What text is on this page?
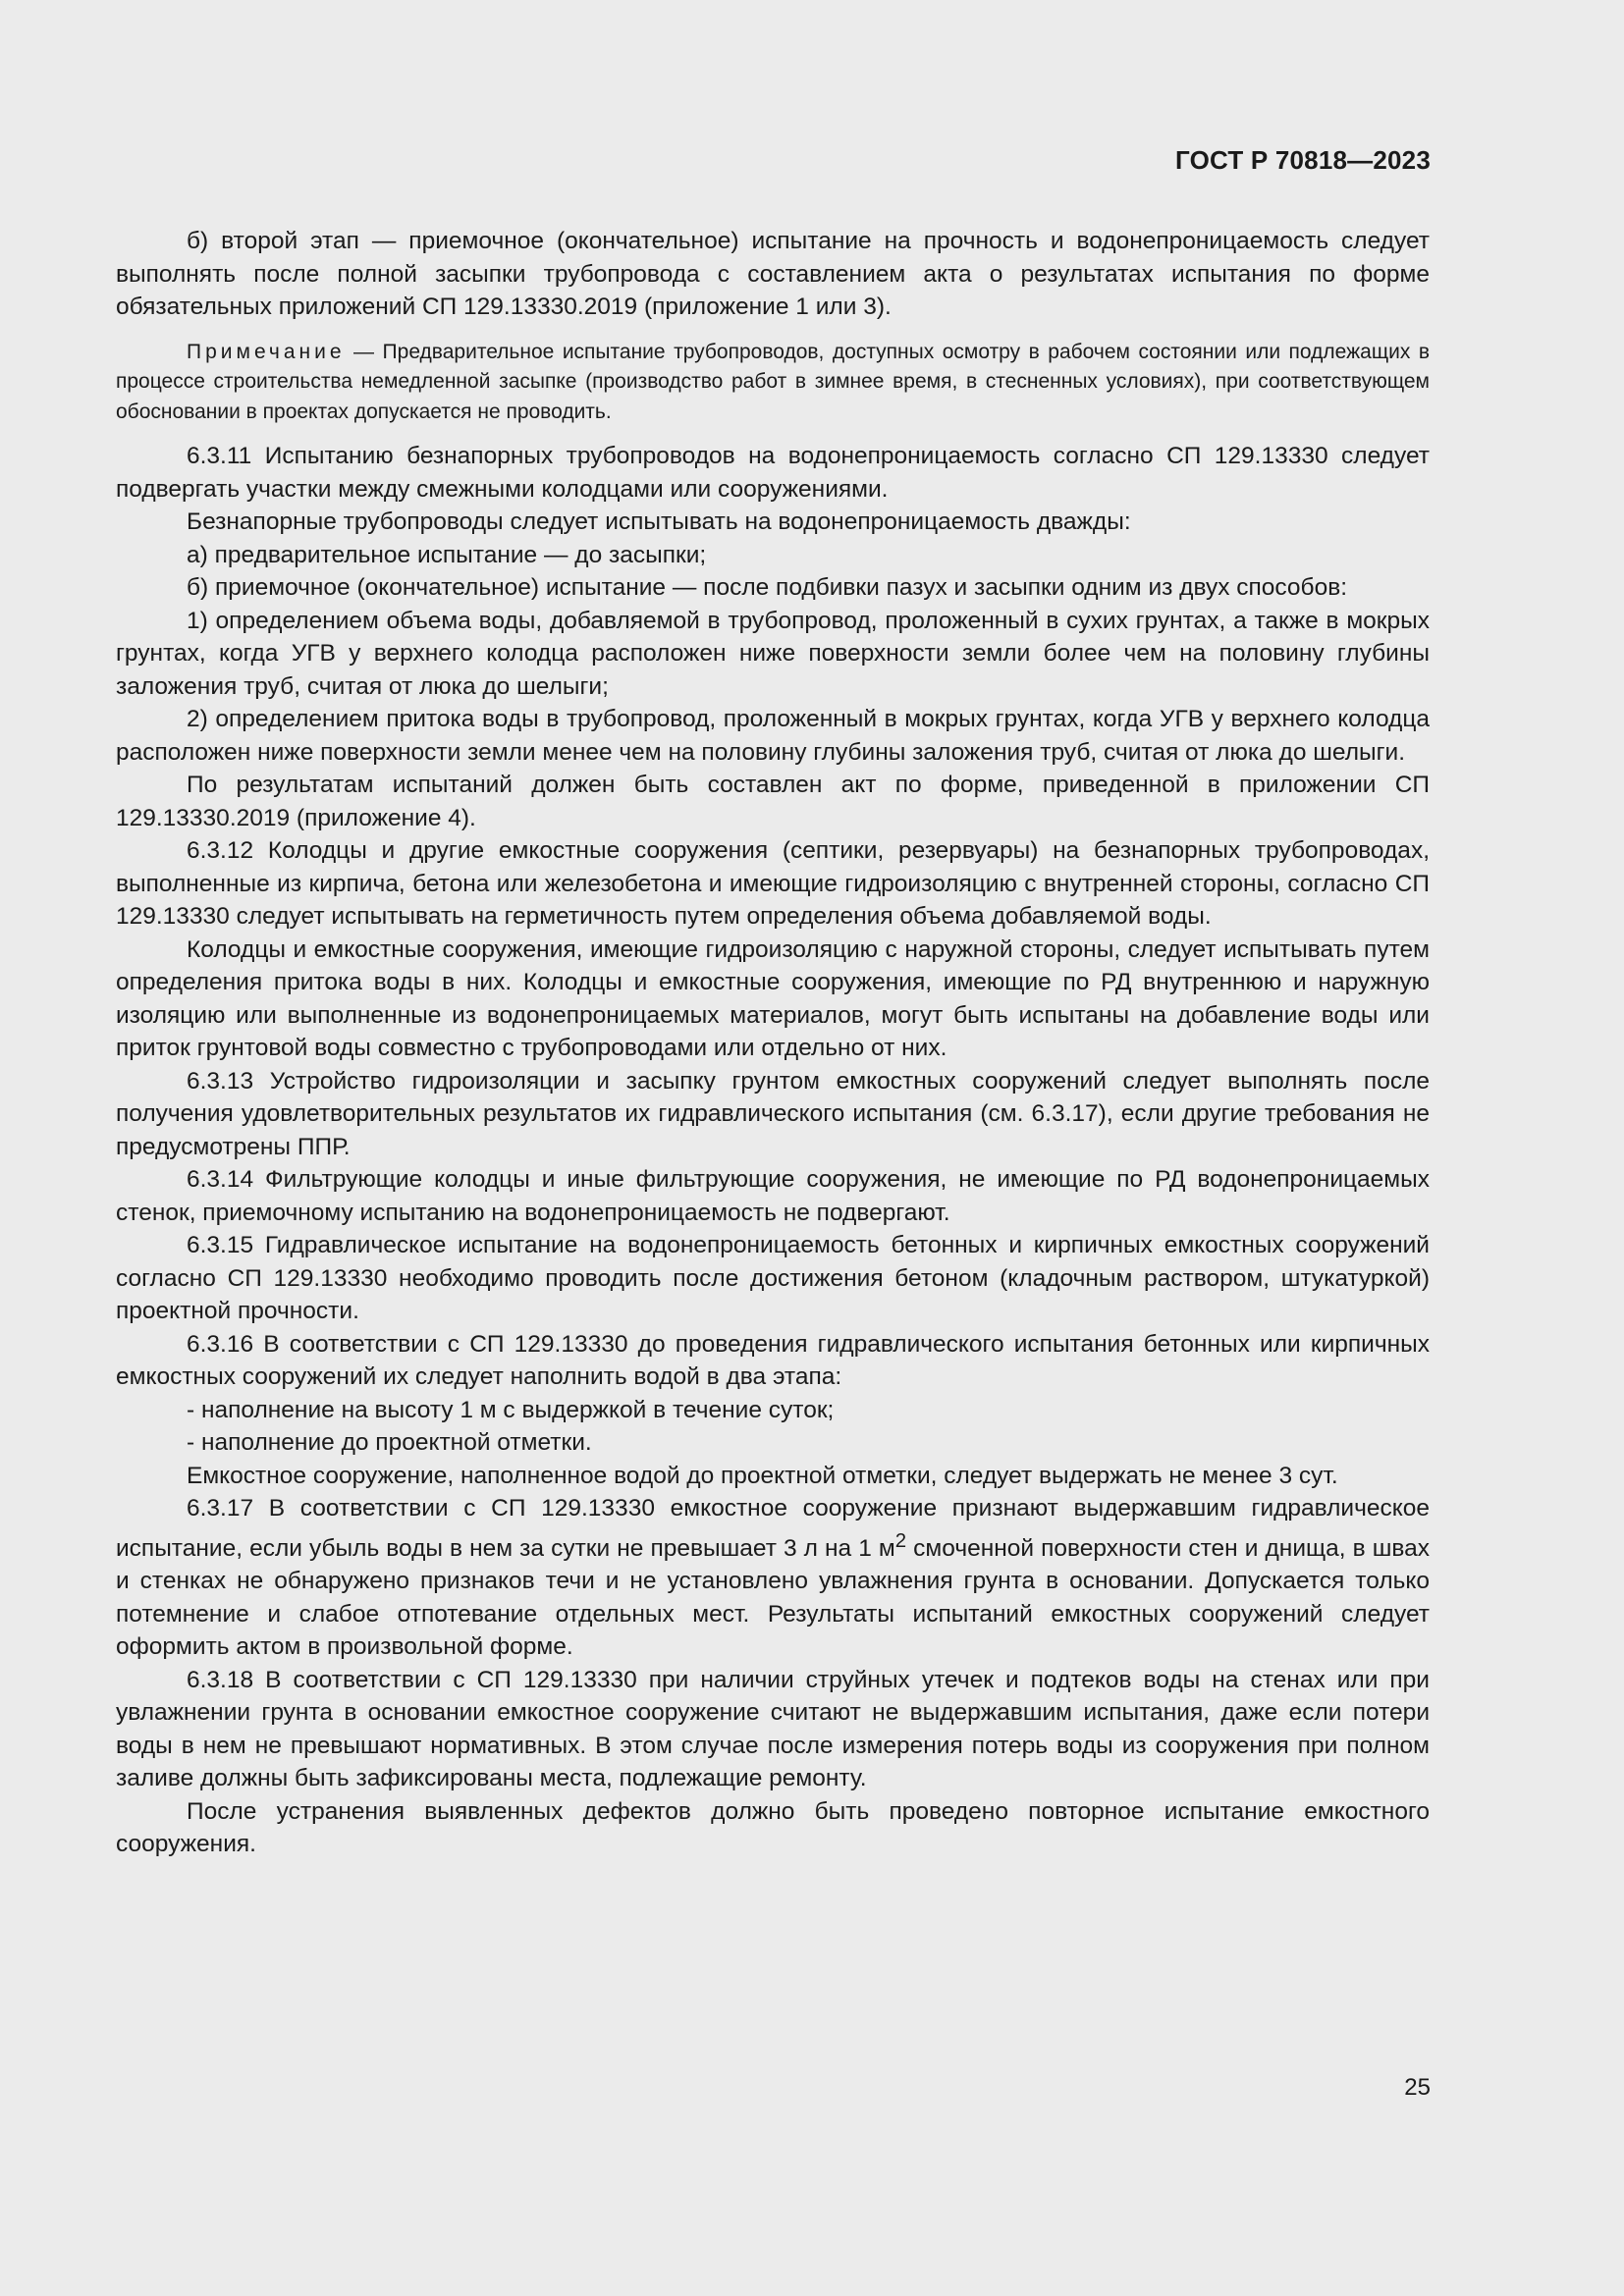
ГОСТ Р 70818—2023

б) второй этап — приемочное (окончательное) испытание на прочность и водонепроницаемость следует выполнять после полной засыпки трубопровода с составлением акта о результатах испытания по форме обязательных приложений СП 129.13330.2019 (приложение 1 или 3).

Примечание — Предварительное испытание трубопроводов, доступных осмотру в рабочем состоянии или подлежащих в процессе строительства немедленной засыпке (производство работ в зимнее время, в стесненных условиях), при соответствующем обосновании в проектах допускается не проводить.

6.3.11 Испытанию безнапорных трубопроводов на водонепроницаемость согласно СП 129.13330 следует подвергать участки между смежными колодцами или сооружениями.

Безнапорные трубопроводы следует испытывать на водонепроницаемость дважды:

а) предварительное испытание — до засыпки;

б) приемочное (окончательное) испытание — после подбивки пазух и засыпки одним из двух способов:

1) определением объема воды, добавляемой в трубопровод, проложенный в сухих грунтах, а также в мокрых грунтах, когда УГВ у верхнего колодца расположен ниже поверхности земли более чем на половину глубины заложения труб, считая от люка до шелыги;

2) определением притока воды в трубопровод, проложенный в мокрых грунтах, когда УГВ у верхнего колодца расположен ниже поверхности земли менее чем на половину глубины заложения труб, считая от люка до шелыги.

По результатам испытаний должен быть составлен акт по форме, приведенной в приложении СП 129.13330.2019 (приложение 4).

6.3.12 Колодцы и другие емкостные сооружения (септики, резервуары) на безнапорных трубопроводах, выполненные из кирпича, бетона или железобетона и имеющие гидроизоляцию с внутренней стороны, согласно СП 129.13330 следует испытывать на герметичность путем определения объема добавляемой воды.

Колодцы и емкостные сооружения, имеющие гидроизоляцию с наружной стороны, следует испытывать путем определения притока воды в них. Колодцы и емкостные сооружения, имеющие по РД внутреннюю и наружную изоляцию или выполненные из водонепроницаемых материалов, могут быть испытаны на добавление воды или приток грунтовой воды совместно с трубопроводами или отдельно от них.

6.3.13 Устройство гидроизоляции и засыпку грунтом емкостных сооружений следует выполнять после получения удовлетворительных результатов их гидравлического испытания (см. 6.3.17), если другие требования не предусмотрены ППР.

6.3.14 Фильтрующие колодцы и иные фильтрующие сооружения, не имеющие по РД водонепроницаемых стенок, приемочному испытанию на водонепроницаемость не подвергают.

6.3.15 Гидравлическое испытание на водонепроницаемость бетонных и кирпичных емкостных сооружений согласно СП 129.13330 необходимо проводить после достижения бетоном (кладочным раствором, штукатуркой) проектной прочности.

6.3.16 В соответствии с СП 129.13330 до проведения гидравлического испытания бетонных или кирпичных емкостных сооружений их следует наполнить водой в два этапа:

- наполнение на высоту 1 м с выдержкой в течение суток;

- наполнение до проектной отметки.

Емкостное сооружение, наполненное водой до проектной отметки, следует выдержать не менее 3 сут.

6.3.17 В соответствии с СП 129.13330 емкостное сооружение признают выдержавшим гидравлическое испытание, если убыль воды в нем за сутки не превышает 3 л на 1 $м^2$ смоченной поверхности стен и днища, в швах и стенках не обнаружено признаков течи и не установлено увлажнения грунта в основании. Допускается только потемнение и слабое отпотевание отдельных мест. Результаты испытаний емкостных сооружений следует оформить актом в произвольной форме.

6.3.18 В соответствии с СП 129.13330 при наличии струйных утечек и подтеков воды на стенах или при увлажнении грунта в основании емкостное сооружение считают не выдержавшим испытания, даже если потери воды в нем не превышают нормативных. В этом случае после измерения потерь воды из сооружения при полном заливе должны быть зафиксированы места, подлежащие ремонту.

После устранения выявленных дефектов должно быть проведено повторное испытание емкостного сооружения.

25
